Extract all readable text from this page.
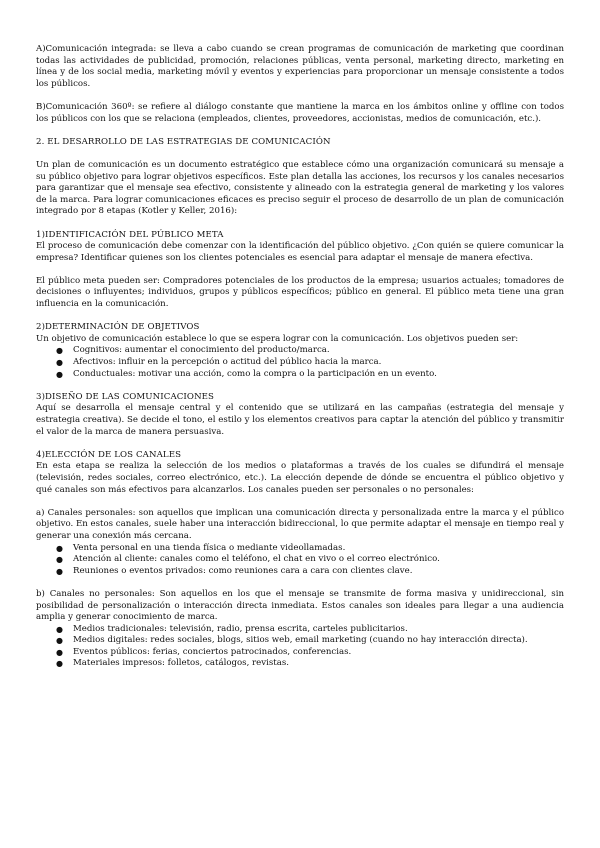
A)Comunicación integrada: se lleva a cabo cuando se crean programas de comunicación de marketing que coordinan todas las actividades de publicidad, promoción, relaciones públicas, venta personal, marketing directo, marketing en línea y de los social media, marketing móvil y eventos y experiencias para proporcionar un mensaje consistente a todos los públicos.

B)Comunicación 360º: se refiere al diálogo constante que mantiene la marca en los ámbitos online y offline con todos los públicos con los que se relaciona (empleados, clientes, proveedores, accionistas, medios de comunicación, etc.).

2. EL DESARROLLO DE LAS ESTRATEGIAS DE COMUNICACIÓN

Un plan de comunicación es un documento estratégico que establece cómo una organización comunicará su mensaje a su público objetivo para lograr objetivos específicos. Este plan detalla las acciones, los recursos y los canales necesarios para garantizar que el mensaje sea efectivo, consistente y alineado con la estrategia general de marketing y los valores de la marca. Para lograr comunicaciones eficaces es preciso seguir el proceso de desarrollo de un plan de comunicación integrado por 8 etapas (Kotler y Keller, 2016):

1)IDENTIFICACIÓN DEL PÚBLICO META

El proceso de comunicación debe comenzar con la identificación del público objetivo. ¿Con quién se quiere comunicar la empresa? Identificar quienes son los clientes potenciales es esencial para adaptar el mensaje de manera efectiva.

El público meta pueden ser: Compradores potenciales de los productos de la empresa; usuarios actuales; tomadores de decisiones o influyentes; individuos, grupos y públicos específicos; público en general. El público meta tiene una gran influencia en la comunicación.

2)DETERMINACIÓN DE OBJETIVOS

Un objetivo de comunicación establece lo que se espera lograr con la comunicación. Los objetivos pueden ser:

● Cognitivos: aumentar el conocimiento del producto/marca.
● Afectivos: influir en la percepción o actitud del público hacia la marca.
● Conductuales: motivar una acción, como la compra o la participación en un evento.

3)DISEÑO DE LAS COMUNICACIONES

Aquí se desarrolla el mensaje central y el contenido que se utilizará en las campañas (estrategia del mensaje y estrategia creativa). Se decide el tono, el estilo y los elementos creativos para captar la atención del público y transmitir el valor de la marca de manera persuasiva.

4)ELECCIÓN DE LOS CANALES

En esta etapa se realiza la selección de los medios o plataformas a través de los cuales se difundirá el mensaje (televisión, redes sociales, correo electrónico, etc.). La elección depende de dónde se encuentra el público objetivo y qué canales son más efectivos para alcanzarlos. Los canales pueden ser personales o no personales:

a) Canales personales: son aquellos que implican una comunicación directa y personalizada entre la marca y el público objetivo. En estos canales, suele haber una interacción bidireccional, lo que permite adaptar el mensaje en tiempo real y generar una conexión más cercana.

● Venta personal en una tienda física o mediante videollamadas.
● Atención al cliente: canales como el teléfono, el chat en vivo o el correo electrónico.
● Reuniones o eventos privados: como reuniones cara a cara con clientes clave.

b) Canales no personales: Son aquellos en los que el mensaje se transmite de forma masiva y unidireccional, sin posibilidad de personalización o interacción directa inmediata. Estos canales son ideales para llegar a una audiencia amplia y generar conocimiento de marca.

● Medios tradicionales: televisión, radio, prensa escrita, carteles publicitarios.
● Medios digitales: redes sociales, blogs, sitios web, email marketing (cuando no hay interacción directa).
● Eventos públicos: ferias, conciertos patrocinados, conferencias.
● Materiales impresos: folletos, catálogos, revistas.
